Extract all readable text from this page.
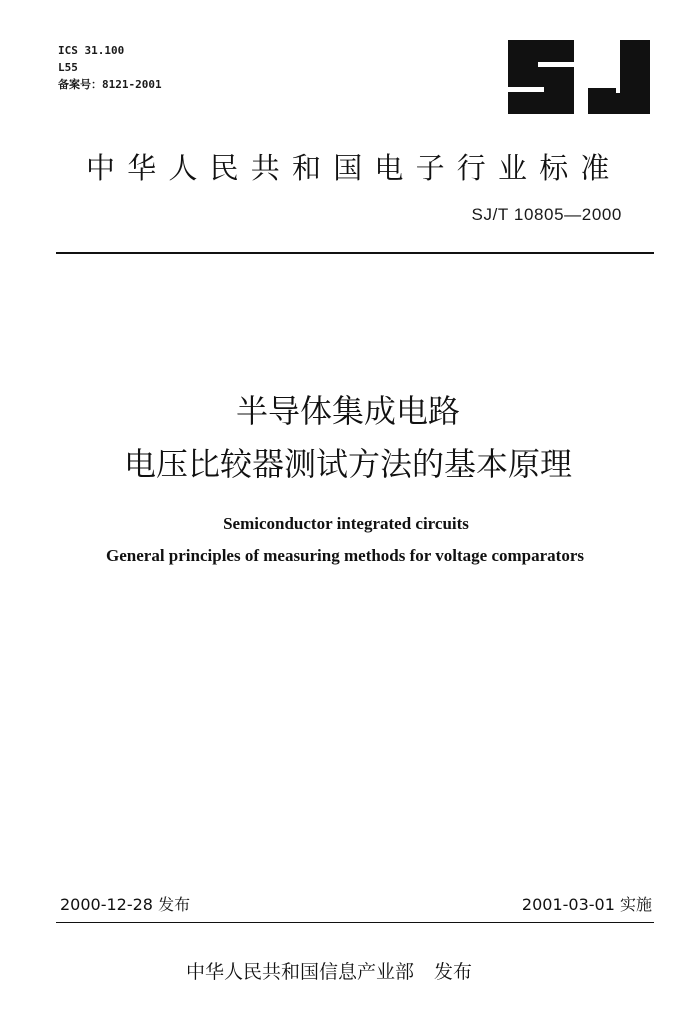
ICS 31.100
L55
备案号：8121-2001
中华人民共和国电子行业标准
SJ/T 10805—2000
半导体集成电路
电压比较器测试方法的基本原理
Semiconductor integrated circuits
General principles of measuring methods for voltage comparators
2000-12-28 发布	2001-03-01 实施
中华人民共和国信息产业部 发布
